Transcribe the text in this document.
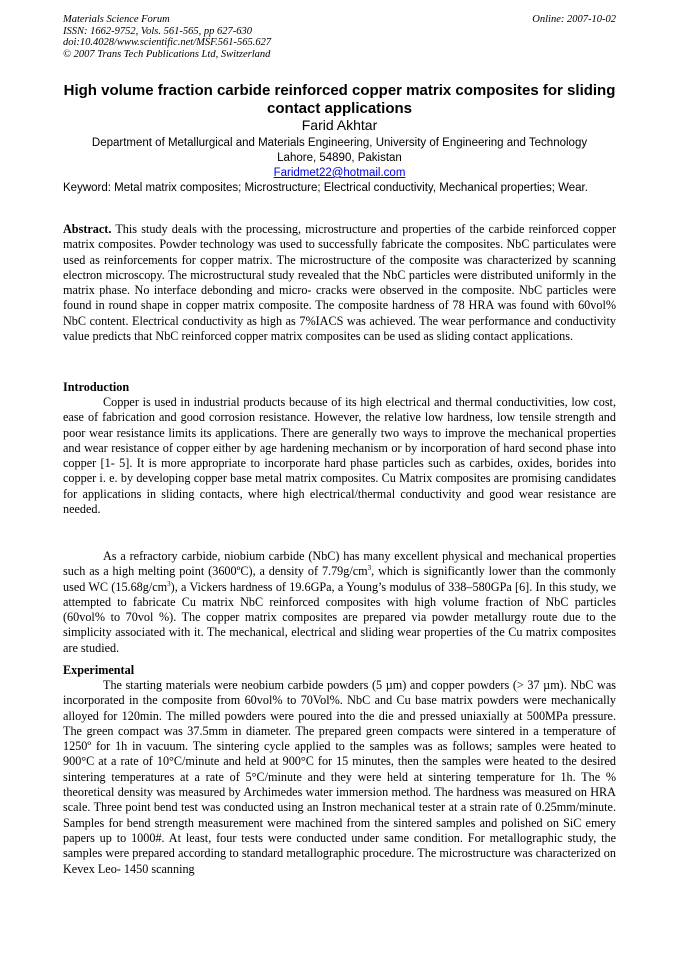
Materials Science Forum
ISSN: 1662-9752, Vols. 561-565, pp 627-630
doi:10.4028/www.scientific.net/MSF.561-565.627
© 2007 Trans Tech Publications Ltd, Switzerland
Online: 2007-10-02
High volume fraction carbide reinforced copper matrix composites for sliding contact applications
Farid Akhtar
Department of Metallurgical and Materials Engineering, University of Engineering and Technology
Lahore, 54890, Pakistan
Faridmet22@hotmail.com
Keyword: Metal matrix composites; Microstructure; Electrical conductivity, Mechanical properties; Wear.
Abstract. This study deals with the processing, microstructure and properties of the carbide reinforced copper matrix composites. Powder technology was used to successfully fabricate the composites. NbC particulates were used as reinforcements for copper matrix. The microstructure of the composite was characterized by scanning electron microscopy. The microstructural study revealed that the NbC particles were distributed uniformly in the matrix phase. No interface debonding and micro- cracks were observed in the composite. NbC particles were found in round shape in copper matrix composite. The composite hardness of 78 HRA was found with 60vol% NbC content. Electrical conductivity as high as 7%IACS was achieved. The wear performance and conductivity value predicts that NbC reinforced copper matrix composites can be used as sliding contact applications.
Introduction
Copper is used in industrial products because of its high electrical and thermal conductivities, low cost, ease of fabrication and good corrosion resistance. However, the relative low hardness, low tensile strength and poor wear resistance limits its applications. There are generally two ways to improve the mechanical properties and wear resistance of copper either by age hardening mechanism or by incorporation of hard second phase into copper [1- 5]. It is more appropriate to incorporate hard phase particles such as carbides, oxides, borides into copper i. e. by developing copper base metal matrix composites. Cu Matrix composites are promising candidates for applications in sliding contacts, where high electrical/thermal conductivity and good wear resistance are needed.
As a refractory carbide, niobium carbide (NbC) has many excellent physical and mechanical properties such as a high melting point (3600ºC), a density of $7.79g/cm^3$, which is significantly lower than the commonly used WC $(15.68g/cm^3)$, a Vickers hardness of 19.6GPa, a Young’s modulus of 338–580GPa [6]. In this study, we attempted to fabricate Cu matrix NbC reinforced composites with high volume fraction of NbC particles (60vol% to 70vol %). The copper matrix composites are prepared via powder metallurgy route due to the simplicity associated with it. The mechanical, electrical and sliding wear properties of the Cu matrix composites are studied.
Experimental
The starting materials were neobium carbide powders (5 µm) and copper powders (> 37 µm). NbC was incorporated in the composite from 60vol% to 70Vol%. NbC and Cu base matrix powders were mechanically alloyed for 120min. The milled powders were poured into the die and pressed uniaxially at 500MPa pressure. The green compact was 37.5mm in diameter. The prepared green compacts were sintered in a temperature of 1250º for 1h in vacuum. The sintering cycle applied to the samples was as follows; samples were heated to 900°C at a rate of 10°C/minute and held at 900°C for 15 minutes, then the samples were heated to the desired sintering temperatures at a rate of 5°C/minute and they were held at sintering temperature for 1h. The % theoretical density was measured by Archimedes water immersion method. The hardness was measured on HRA scale. Three point bend test was conducted using an Instron mechanical tester at a strain rate of 0.25mm/minute. Samples for bend strength measurement were machined from the sintered samples and polished on SiC emery papers up to 1000#. At least, four tests were conducted under same condition. For metallographic study, the samples were prepared according to standard metallographic procedure. The microstructure was characterized on Kevex Leo- 1450 scanning
